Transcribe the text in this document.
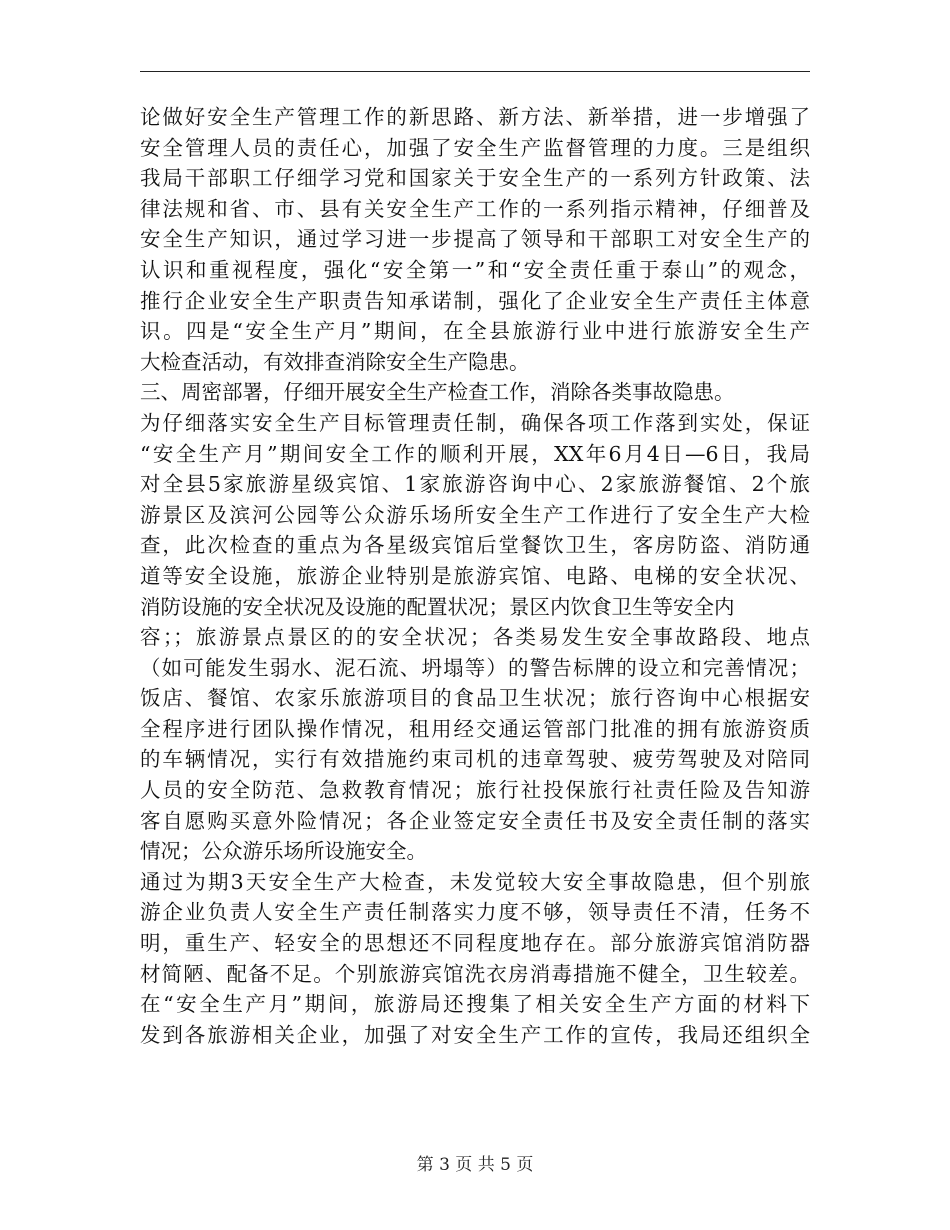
论做好安全生产管理工作的新思路、新方法、新举措，进一步增强了
安全管理人员的责任心，加强了安全生产监督管理的力度。三是组织
我局干部职工仔细学习党和国家关于安全生产的一系列方针政策、法
律法规和省、市、县有关安全生产工作的一系列指示精神，仔细普及
安全生产知识，通过学习进一步提高了领导和干部职工对安全生产的
认识和重视程度，强化“安全第一”和“安全责任重于泰山”的观念，
推行企业安全生产职责告知承诺制，强化了企业安全生产责任主体意
识。四是“安全生产月”期间，在全县旅游行业中进行旅游安全生产
大检查活动，有效排查消除安全生产隐患。
三、周密部署，仔细开展安全生产检查工作，消除各类事故隐患。
为仔细落实安全生产目标管理责任制，确保各项工作落到实处，保证
“安全生产月”期间安全工作的顺利开展，XX年6月4日—6日，我局
对全县5家旅游星级宾馆、1家旅游咨询中心、2家旅游餐馆、2个旅
游景区及滨河公园等公众游乐场所安全生产工作进行了安全生产大检
查，此次检查的重点为各星级宾馆后堂餐饮卫生，客房防盗、消防通
道等安全设施，旅游企业特别是旅游宾馆、电路、电梯的安全状况、
消防设施的安全状况及设施的配置状况；景区内饮食卫生等安全内
容；；旅游景点景区的的安全状况；各类易发生安全事故路段、地点
（如可能发生弱水、泥石流、坍塌等）的警告标牌的设立和完善情况；
饭店、餐馆、农家乐旅游项目的食品卫生状况；旅行咨询中心根据安
全程序进行团队操作情况，租用经交通运管部门批准的拥有旅游资质
的车辆情况，实行有效措施约束司机的违章驾驶、疲劳驾驶及对陪同
人员的安全防范、急救教育情况；旅行社投保旅行社责任险及告知游
客自愿购买意外险情况；各企业签定安全责任书及安全责任制的落实
情况；公众游乐场所设施安全。
通过为期3天安全生产大检查，未发觉较大安全事故隐患，但个别旅
游企业负责人安全生产责任制落实力度不够，领导责任不清，任务不
明，重生产、轻安全的思想还不同程度地存在。部分旅游宾馆消防器
材简陋、配备不足。个别旅游宾馆洗衣房消毒措施不健全，卫生较差。
在“安全生产月”期间，旅游局还搜集了相关安全生产方面的材料下
发到各旅游相关企业，加强了对安全生产工作的宣传，我局还组织全
第 3 页 共 5 页
